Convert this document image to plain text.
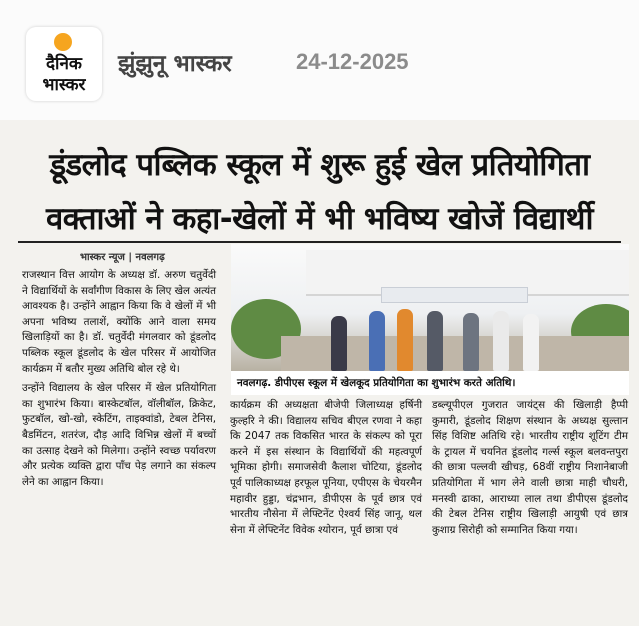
दैनिक
भास्कर
झुंझुनू भास्कर	24-12-2025
डूंडलोद पब्लिक स्कूल में शुरू हुई खेल प्रतियोगिता
वक्ताओं ने कहा-खेलों में भी भविष्य खोजें विद्यार्थी
भास्कर न्यूज | नवलगढ़

राजस्थान वित्त आयोग के अध्यक्ष डॉ. अरुण चतुर्वेदी ने विद्यार्थियों के सर्वांगीण विकास के लिए खेल अत्यंत आवश्यक है। उन्होंने आह्वान किया कि वे खेलों में भी अपना भविष्य तलाशें, क्योंकि आने वाला समय खिलाड़ियों का है। डॉ. चतुर्वेदी मंगलवार को डूंडलोद पब्लिक स्कूल डूंडलोद के खेल परिसर में आयोजित कार्यक्रम में बतौर मुख्य अतिथि बोल रहे थे।

उन्होंने विद्यालय के खेल परिसर में खेल प्रतियोगिता का शुभारंभ किया। बास्केटबॉल, वॉलीबॉल, क्रिकेट, फुटबॉल, खो-खो, स्केटिंग, ताइक्वांडो, टेबल टेनिस, बैडमिंटन, शतरंज, दौड़ आदि विभिन्न खेलों में बच्चों का उत्साह देखने को मिलेगा। उन्होंने स्वच्छ पर्यावरण और प्रत्येक व्यक्ति द्वारा पाँच पेड़ लगाने का संकल्प लेने का आह्वान किया।

नवलगढ़. डीपीएस स्कूल में खेलकूद प्रतियोगिता का शुभारंभ करते अतिथि।

कार्यक्रम की अध्यक्षता बीजेपी जिलाध्यक्ष हर्षिनी कुल्हरि ने की। विद्यालय सचिव बीएल रणवा ने कहा कि 2047 तक विकसित भारत के संकल्प को पूरा करने में इस संस्थान के विद्यार्थियों की महत्वपूर्ण भूमिका होगी। समाजसेवी कैलाश चोटिया, डूंडलोद पूर्व पालिकाध्यक्ष हरफूल पूनिया, एपीएस के चेयरमैन महावीर हुड्डा, चंद्रभान, डीपीएस के पूर्व छात्र एवं भारतीय नौसेना में लेफ्टिनेंट ऐश्वर्य सिंह जानू, थल सेना में लेफ्टिनेंट विवेक श्योरान, पूर्व छात्रा एवं

डब्ल्यूपीएल गुजरात जायंट्स की खिलाड़ी हैप्पी कुमारी, डूंडलोद शिक्षण संस्थान के अध्यक्ष सुल्तान सिंह विशिष्ट अतिथि रहे। भारतीय राष्ट्रीय शूटिंग टीम के ट्रायल में चयनित डूंडलोद गर्ल्स स्कूल बलवन्तपुरा की छात्रा पल्लवी खीचड़, 68वीं राष्ट्रीय निशानेबाजी प्रतियोगिता में भाग लेने वाली छात्रा माही चौधरी, मनस्वी ढाका, आराध्या लाल तथा डीपीएस डूंडलोद की टेबल टेनिस राष्ट्रीय खिलाड़ी आयुषी एवं छात्र कुशाग्र सिरोही को सम्मानित किया गया।
